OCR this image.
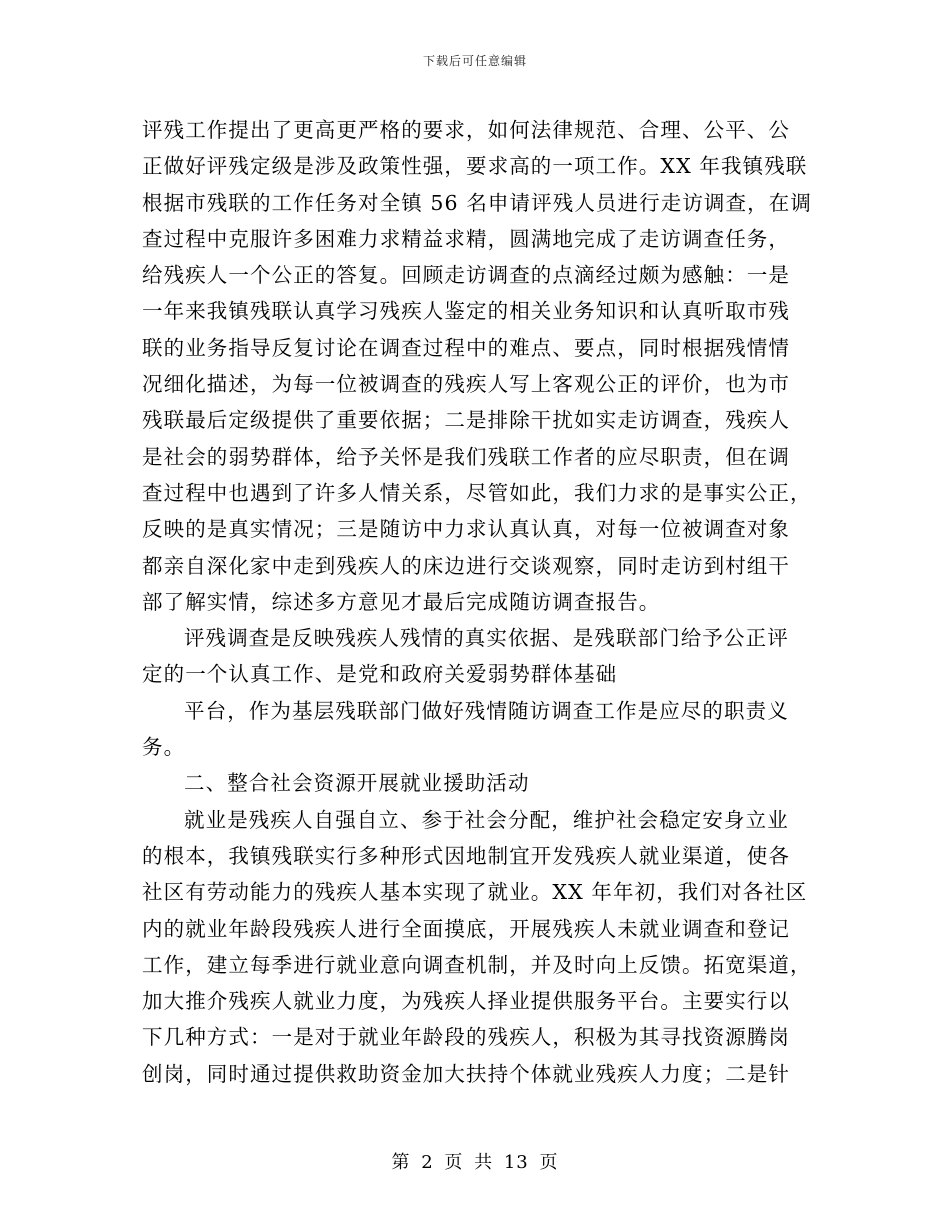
下载后可任意编辑
评残工作提出了更高更严格的要求，如何法律规范、合理、公平、公
正做好评残定级是涉及政策性强，要求高的一项工作。XX 年我镇残联
根据市残联的工作任务对全镇 56 名申请评残人员进行走访调查，在调
查过程中克服许多困难力求精益求精，圆满地完成了走访调查任务，
给残疾人一个公正的答复。回顾走访调查的点滴经过颇为感触：一是
一年来我镇残联认真学习残疾人鉴定的相关业务知识和认真听取市残
联的业务指导反复讨论在调查过程中的难点、要点，同时根据残情情
况细化描述，为每一位被调查的残疾人写上客观公正的评价，也为市
残联最后定级提供了重要依据；二是排除干扰如实走访调查，残疾人
是社会的弱势群体，给予关怀是我们残联工作者的应尽职责，但在调
查过程中也遇到了许多人情关系，尽管如此，我们力求的是事实公正，
反映的是真实情况；三是随访中力求认真认真，对每一位被调查对象
都亲自深化家中走到残疾人的床边进行交谈观察，同时走访到村组干
部了解实情，综述多方意见才最后完成随访调查报告。
评残调查是反映残疾人残情的真实依据、是残联部门给予公正评
定的一个认真工作、是党和政府关爱弱势群体基础
平台，作为基层残联部门做好残情随访调查工作是应尽的职责义
务。
二、整合社会资源开展就业援助活动
就业是残疾人自强自立、参于社会分配，维护社会稳定安身立业
的根本，我镇残联实行多种形式因地制宜开发残疾人就业渠道，使各
社区有劳动能力的残疾人基本实现了就业。XX 年年初，我们对各社区
内的就业年龄段残疾人进行全面摸底，开展残疾人未就业调查和登记
工作，建立每季进行就业意向调查机制，并及时向上反馈。拓宽渠道，
加大推介残疾人就业力度，为残疾人择业提供服务平台。主要实行以
下几种方式：一是对于就业年龄段的残疾人，积极为其寻找资源腾岗
创岗，同时通过提供救助资金加大扶持个体就业残疾人力度；二是针
第 2 页 共 13 页
